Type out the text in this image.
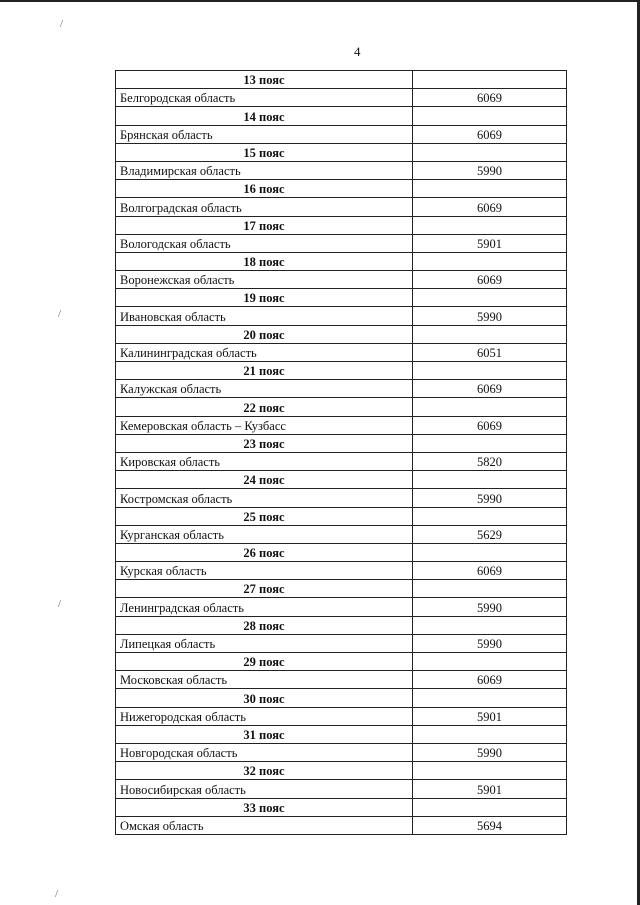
/
/
/
/
4
13 пояс	
Белгородская область	6069
14 пояс	
Брянская область	6069
15 пояс	
Владимирская область	5990
16 пояс	
Волгоградская область	6069
17 пояс	
Вологодская область	5901
18 пояс	
Воронежская область	6069
19 пояс	
Ивановская область	5990
20 пояс	
Калининградская область	6051
21 пояс	
Калужская область	6069
22 пояс	
Кемеровская область – Кузбасс	6069
23 пояс	
Кировская область	5820
24 пояс	
Костромская область	5990
25 пояс	
Курганская область	5629
26 пояс	
Курская область	6069
27 пояс	
Ленинградская область	5990
28 пояс	
Липецкая область	5990
29 пояс	
Московская область	6069
30 пояс	
Нижегородская область	5901
31 пояс	
Новгородская область	5990
32 пояс	
Новосибирская область	5901
33 пояс	
Омская область	5694
